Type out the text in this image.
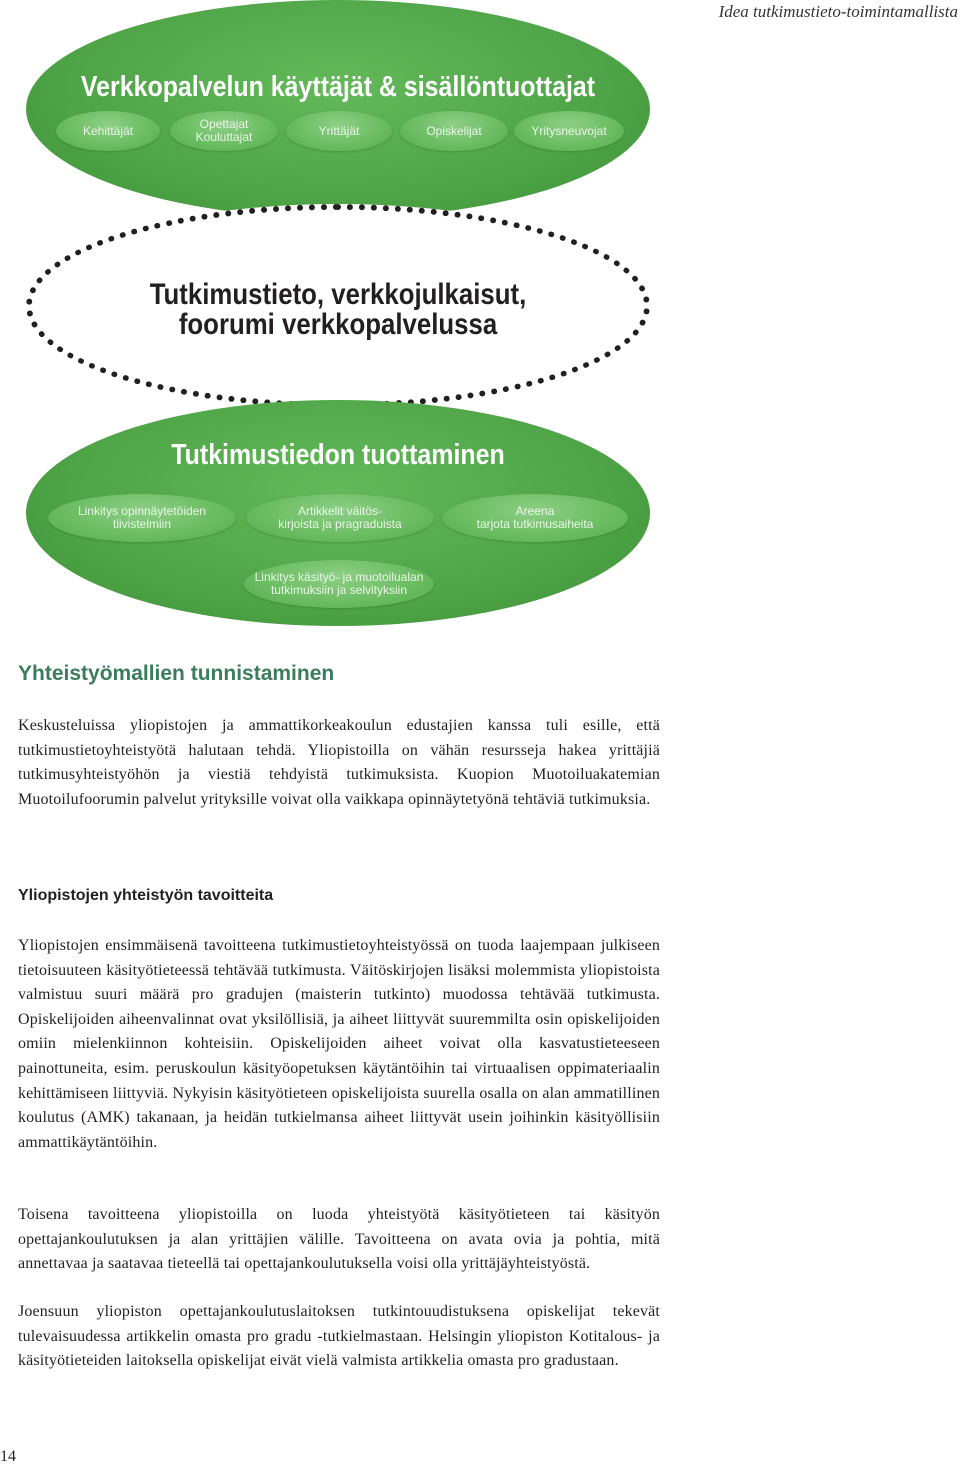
Idea tutkimustieto-toimintamallista
Verkkopalvelun käyttäjät & sisällöntuottajat
Kehittäjät	Opettajat
Kouluttajat	Yrittäjät	Opiskelijat	Yritysneuvojat
Tutkimustieto, verkkojulkaisut,
foorumi verkkopalvelussa
Tutkimustiedon tuottaminen
Linkitys opinnäytetöiden
tiivistelmiin
Artikkelit väitös-
kirjoista ja pragraduista
Areena
tarjota tutkimusaiheita
Linkitys käsityö- ja muotoilualan
tutkimuksiin ja selvityksiin
Yhteistyömallien tunnistaminen

Keskusteluissa yliopistojen ja ammattikorkeakoulun edustajien kanssa tuli esille, että tutkimustietoyhteistyötä halutaan tehdä. Yliopistoilla on vähän resursseja hakea yrittäjiä tutkimusyhteistyöhön ja viestiä tehdyistä tutkimuksista. Kuopion Muotoiluakatemian Muotoilufoorumin palvelut yrityksille voivat olla vaikkapa opinnäytetyönä tehtäviä tutkimuksia.

Yliopistojen yhteistyön tavoitteita

Yliopistojen ensimmäisenä tavoitteena tutkimustietoyhteistyössä on tuoda laajempaan julkiseen tietoisuuteen käsityötieteessä tehtävää tutkimusta. Väitöskirjojen lisäksi molemmista yliopistoista valmistuu suuri määrä pro gradujen (maisterin tutkinto) muodossa tehtävää tutkimusta. Opiskelijoiden aiheenvalinnat ovat yksilöllisiä, ja aiheet liittyvät suuremmilta osin opiskelijoiden omiin mielenkiinnon kohteisiin. Opiskelijoiden aiheet voivat olla kasvatustieteeseen painottuneita, esim. peruskoulun käsityöopetuksen käytäntöihin tai virtuaalisen oppimateriaalin kehittämiseen liittyviä. Nykyisin käsityötieteen opiskelijoista suurella osalla on alan ammatillinen koulutus (AMK) takanaan, ja heidän tutkielmansa aiheet liittyvät usein joihinkin käsityöllisiin ammattikäytäntöihin.

Toisena tavoitteena yliopistoilla on luoda yhteistyötä käsityötieteen tai käsityön opettajankoulutuksen ja alan yrittäjien välille. Tavoitteena on avata ovia ja pohtia, mitä annettavaa ja saatavaa tieteellä tai opettajankoulutuksella voisi olla yrittäjäyhteistyöstä.

Joensuun yliopiston opettajankoulutuslaitoksen tutkintouudistuksena opiskelijat tekevät tulevaisuudessa artikkelin omasta pro gradu -tutkielmastaan. Helsingin yliopiston Kotitalous- ja käsityötieteiden laitoksella opiskelijat eivät vielä valmista artikkelia omasta pro gradustaan.

14
